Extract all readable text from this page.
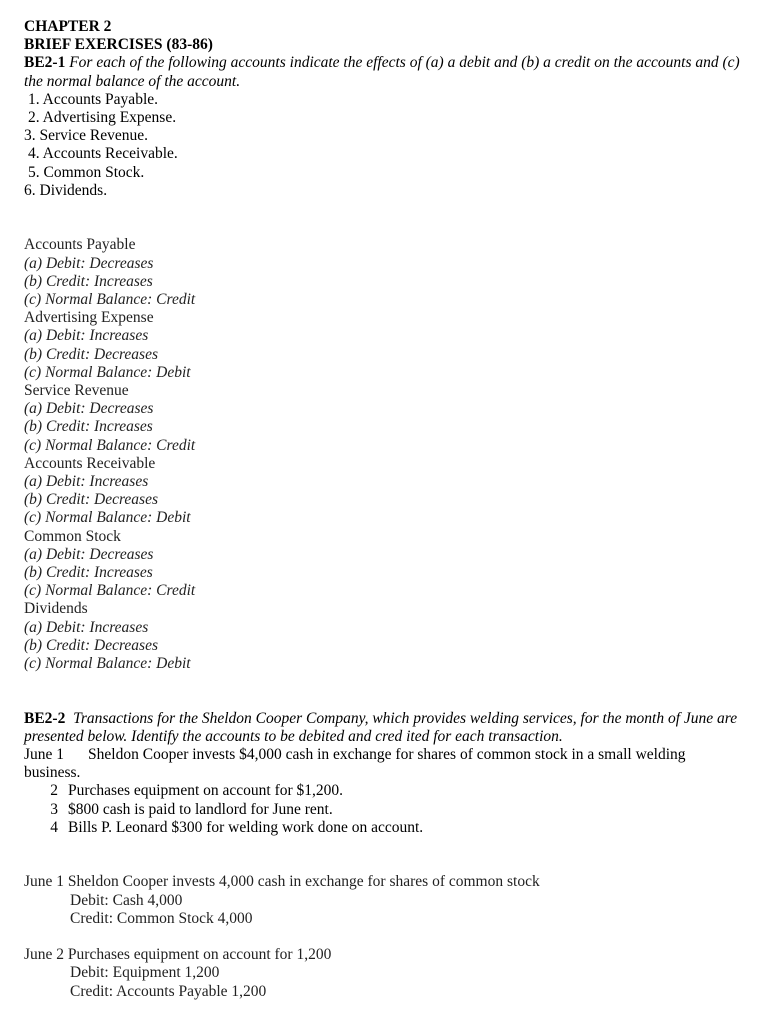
CHAPTER 2
BRIEF EXERCISES (83-86)
BE2-1 For each of the following accounts indicate the effects of (a) a debit and (b) a credit on the accounts and (c) the normal balance of the account.
1. Accounts Payable.
2. Advertising Expense.
3. Service Revenue.
4. Accounts Receivable.
5. Common Stock.
6. Dividends.
Accounts Payable
(a) Debit: Decreases
(b) Credit: Increases
(c) Normal Balance: Credit
Advertising Expense
(a) Debit: Increases
(b) Credit: Decreases
(c) Normal Balance: Debit
Service Revenue
(a) Debit: Decreases
(b) Credit: Increases
(c) Normal Balance: Credit
Accounts Receivable
(a) Debit: Increases
(b) Credit: Decreases
(c) Normal Balance: Debit
Common Stock
(a) Debit: Decreases
(b) Credit: Increases
(c) Normal Balance: Credit
Dividends
(a) Debit: Increases
(b) Credit: Decreases
(c) Normal Balance: Debit
BE2-2 Transactions for the Sheldon Cooper Company, which provides welding services, for the month of June are presented below. Identify the accounts to be debited and cred ited for each transaction.
June 1 Sheldon Cooper invests $4,000 cash in exchange for shares of common stock in a small welding business.
2 Purchases equipment on account for $1,200.
3 $800 cash is paid to landlord for June rent.
4 Bills P. Leonard $300 for welding work done on account.
June 1 Sheldon Cooper invests 4,000 cash in exchange for shares of common stock
Debit: Cash 4,000
Credit: Common Stock 4,000
June 2 Purchases equipment on account for 1,200
Debit: Equipment 1,200
Credit: Accounts Payable 1,200
